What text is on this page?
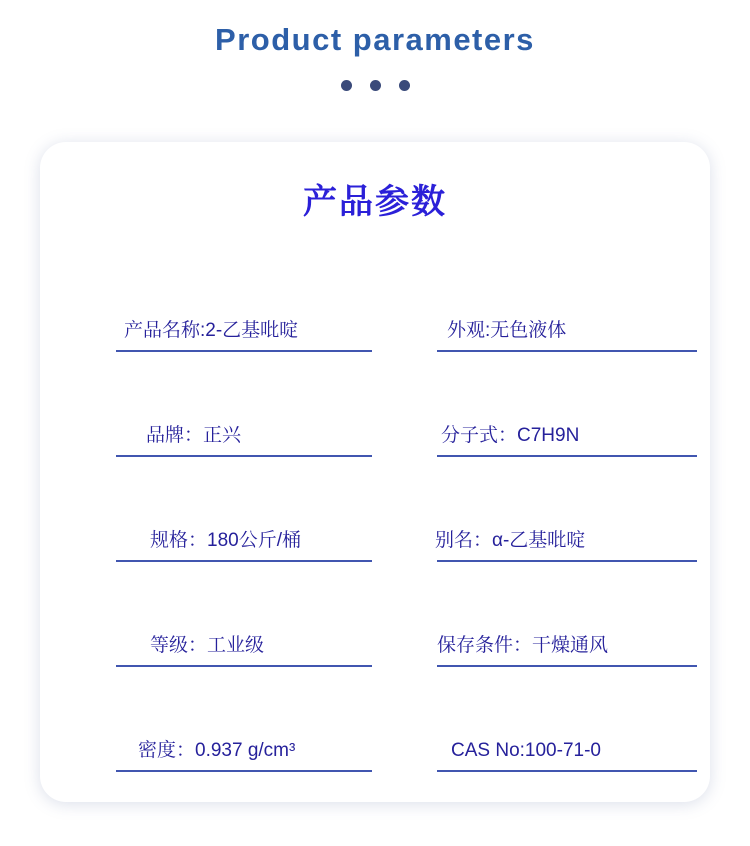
Product parameters
产品参数
产品名称:2-乙基吡啶	外观:无色液体
品牌：正兴	分子式：C7H9N
规格：180公斤/桶	别名：α-乙基吡啶
等级：工业级	保存条件：干燥通风
密度：0.937 g/cm³	CAS No:100-71-0
